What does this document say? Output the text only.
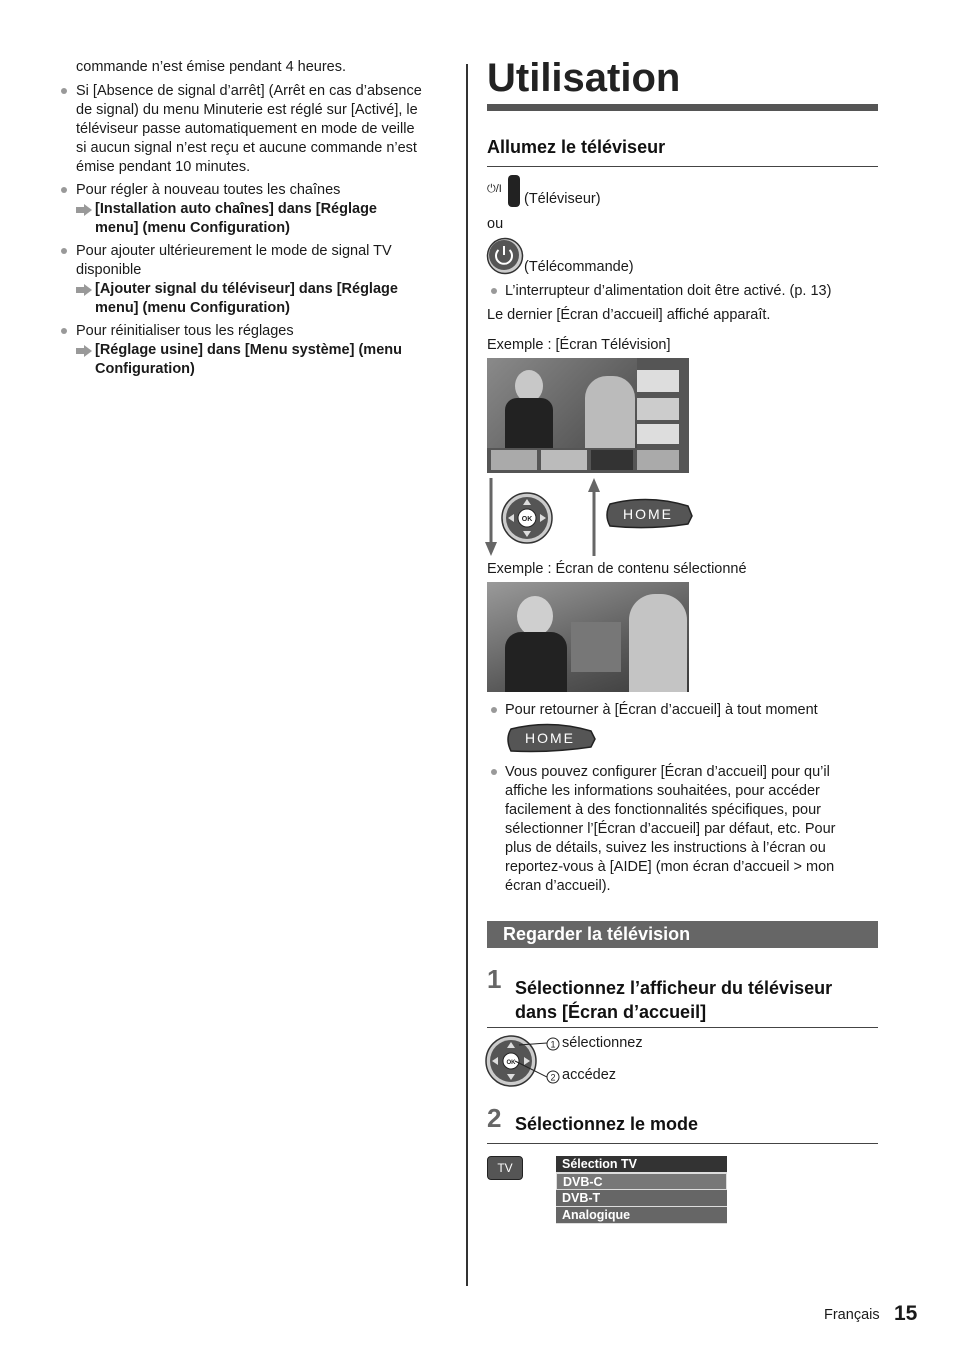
commande n’est émise pendant 4 heures.
Si [Absence de signal d’arrêt] (Arrêt en cas d’absence
de signal) du menu Minuterie est réglé sur [Activé], le
téléviseur passe automatiquement en mode de veille
si aucun signal n’est reçu et aucune commande n’est
émise pendant 10 minutes.
Pour régler à nouveau toutes les chaînes
[Installation auto chaînes] dans [Réglage
menu] (menu Configuration)
Pour ajouter ultérieurement le mode de signal TV
disponible
[Ajouter signal du téléviseur] dans [Réglage
menu] (menu Configuration)
Pour réinitialiser tous les réglages
[Réglage usine] dans [Menu système] (menu
Configuration)
Utilisation
Allumez le téléviseur
⏻/I
(Téléviseur)
ou
(Télécommande)
L’interrupteur d’alimentation doit être activé. (p. 13)
Le dernier [Écran d’accueil] affiché apparaît.
Exemple : [Écran Télévision]
OK	HOME
Exemple : Écran de contenu sélectionné
Pour retourner à [Écran d’accueil] à tout moment
HOME
Vous pouvez configurer [Écran d’accueil] pour qu’il
affiche les informations souhaitées, pour accéder
facilement à des fonctionnalités spécifiques, pour
sélectionner l’[Écran d’accueil] par défaut, etc. Pour
plus de détails, suivez les instructions à l’écran ou
reportez-vous à [AIDE] (mon écran d’accueil > mon
écran d’accueil).
Regarder la télévision
1 Sélectionnez l’afficheur du téléviseur
dans [Écran d’accueil]
OK
1 sélectionnez
2 accédez
2 Sélectionnez le mode
TV	Sélection TV
DVB-C
DVB-T
Analogique
Français 15
